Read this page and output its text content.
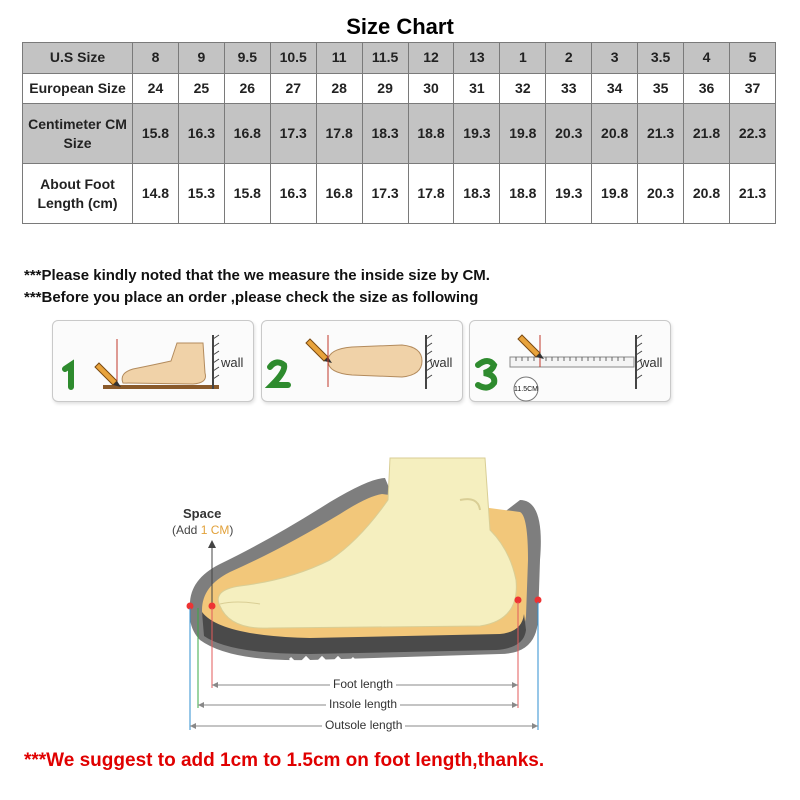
Size Chart
U.S Size	8	9	9.5	10.5	11	11.5	12	13	1	2	3	3.5	4	5
European Size	24	25	26	27	28	29	30	31	32	33	34	35	36	37
Centimeter CM Size	15.8	16.3	16.8	17.3	17.8	18.3	18.8	19.3	19.8	20.3	20.8	21.3	21.8	22.3
About Foot Length (cm)	14.8	15.3	15.8	16.3	16.8	17.3	17.8	18.3	18.8	19.3	19.8	20.3	20.8	21.3
***Please kindly noted that the we measure the inside size by CM.
***Before you place an order ,please check the size as following
wall	wall
11.5CM
wall
Space
(Add 1 CM)
Foot length
Insole length
Outsole length
***We suggest to add 1cm to 1.5cm on foot length,thanks.
